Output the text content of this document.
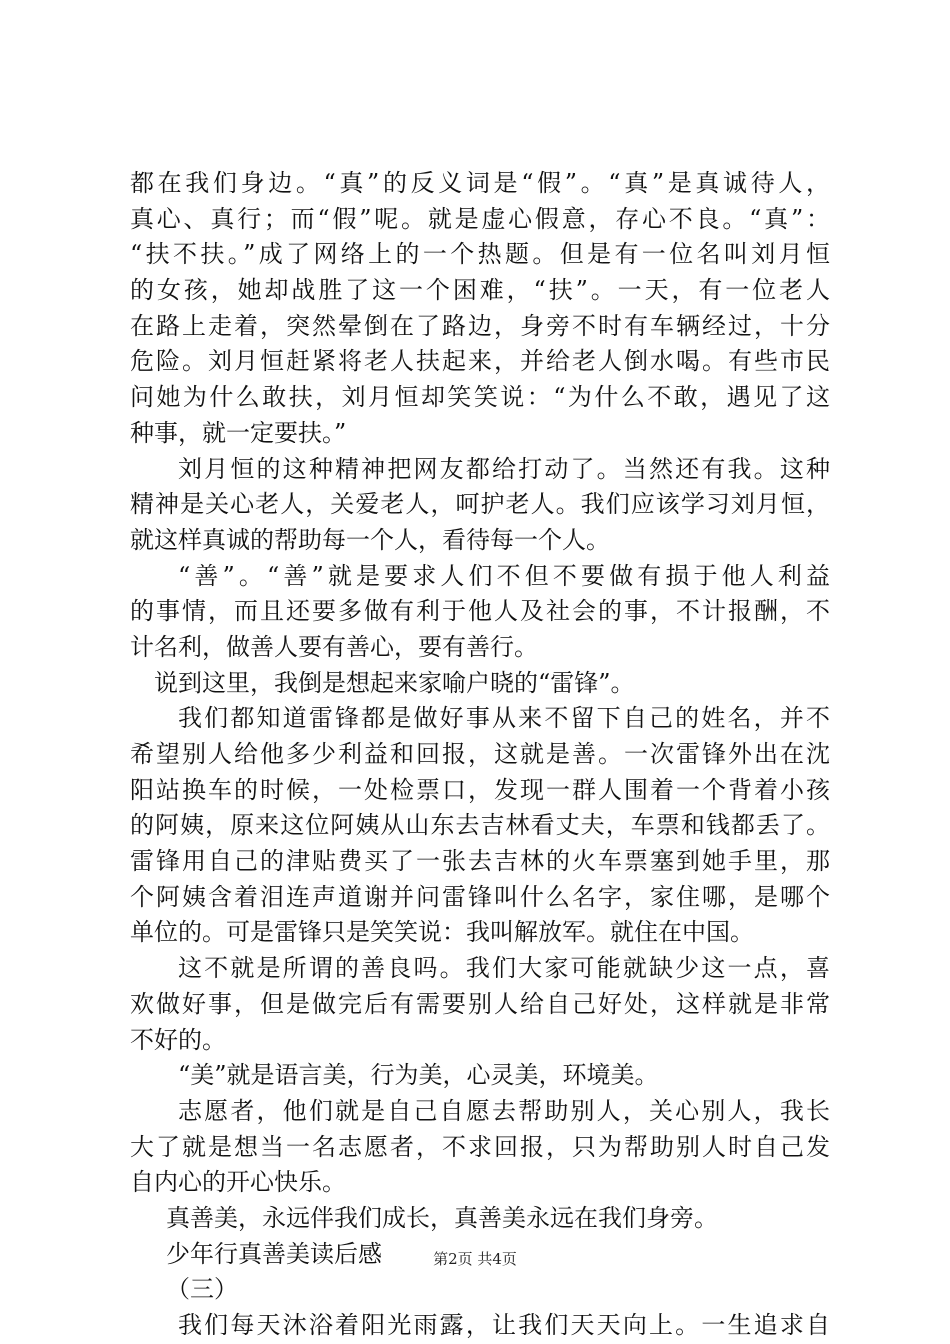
都在我们身边。“真”的反义词是“假”。“真”是真诚待人，
真心、真行；而“假”呢。就是虚心假意，存心不良。“真”：
“扶不扶。”成了网络上的一个热题。但是有一位名叫刘月恒
的女孩，她却战胜了这一个困难，“扶”。一天，有一位老人
在路上走着，突然晕倒在了路边，身旁不时有车辆经过，十分
危险。刘月恒赶紧将老人扶起来，并给老人倒水喝。有些市民
问她为什么敢扶，刘月恒却笑笑说：“为什么不敢，遇见了这
种事，就一定要扶。”
刘月恒的这种精神把网友都给打动了。当然还有我。这种
精神是关心老人，关爱老人，呵护老人。我们应该学习刘月恒，
就这样真诚的帮助每一个人，看待每一个人。
“善”。“善”就是要求人们不但不要做有损于他人利益
的事情，而且还要多做有利于他人及社会的事，不计报酬，不
计名利，做善人要有善心，要有善行。
说到这里，我倒是想起来家喻户晓的“雷锋”。
我们都知道雷锋都是做好事从来不留下自己的姓名，并不
希望别人给他多少利益和回报，这就是善。一次雷锋外出在沈
阳站换车的时候，一处检票口，发现一群人围着一个背着小孩
的阿姨，原来这位阿姨从山东去吉林看丈夫，车票和钱都丢了。
雷锋用自己的津贴费买了一张去吉林的火车票塞到她手里，那
个阿姨含着泪连声道谢并问雷锋叫什么名字，家住哪，是哪个
单位的。可是雷锋只是笑笑说：我叫解放军。就住在中国。
这不就是所谓的善良吗。我们大家可能就缺少这一点，喜
欢做好事，但是做完后有需要别人给自己好处，这样就是非常
不好的。
“美”就是语言美，行为美，心灵美，环境美。
志愿者，他们就是自己自愿去帮助别人，关心别人，我长
大了就是想当一名志愿者，不求回报，只为帮助别人时自己发
自内心的开心快乐。
真善美，永远伴我们成长，真善美永远在我们身旁。
少年行真善美读后感
（三）
我们每天沐浴着阳光雨露，让我们天天向上。一生追求自
第2页 共4页
